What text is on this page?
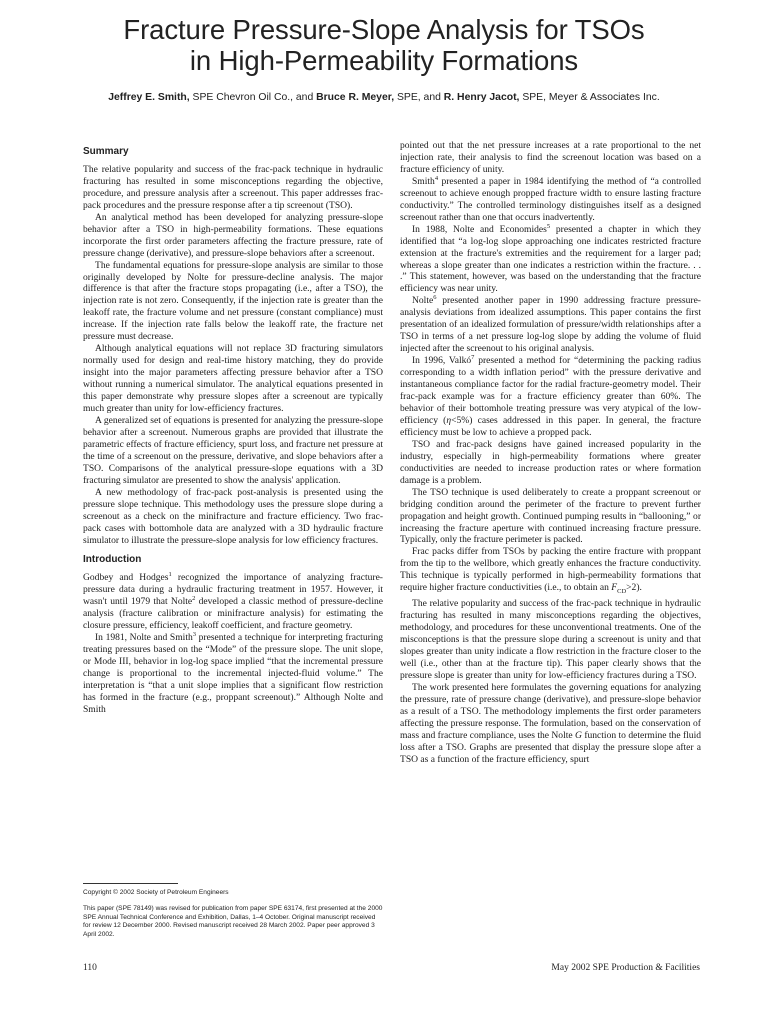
Fracture Pressure-Slope Analysis for TSOs
in High-Permeability Formations
Jeffrey E. Smith, SPE Chevron Oil Co., and Bruce R. Meyer, SPE, and R. Henry Jacot, SPE, Meyer & Associates Inc.
Summary

The relative popularity and success of the frac-pack technique in hydraulic fracturing has resulted in some misconceptions regarding the objective, procedure, and pressure analysis after a screenout. This paper addresses frac-pack procedures and the pressure response after a tip screenout (TSO).

An analytical method has been developed for analyzing pressure-slope behavior after a TSO in high-permeability formations. These equations incorporate the first order parameters affecting the fracture pressure, rate of pressure change (derivative), and pressure-slope behaviors after a screenout.

The fundamental equations for pressure-slope analysis are similar to those originally developed by Nolte for pressure-decline analysis. The major difference is that after the fracture stops propagating (i.e., after a TSO), the injection rate is not zero. Consequently, if the injection rate is greater than the leakoff rate, the fracture volume and net pressure (constant compliance) must increase. If the injection rate falls below the leakoff rate, the fracture net pressure must decrease.

Although analytical equations will not replace 3D fracturing simulators normally used for design and real-time history matching, they do provide insight into the major parameters affecting pressure behavior after a TSO without running a numerical simulator. The analytical equations presented in this paper demonstrate why pressure slopes after a screenout are typically much greater than unity for low-efficiency fractures.

A generalized set of equations is presented for analyzing the pressure-slope behavior after a screenout. Numerous graphs are provided that illustrate the parametric effects of fracture efficiency, spurt loss, and fracture net pressure at the time of a screenout on the pressure, derivative, and slope behaviors after a TSO. Comparisons of the analytical pressure-slope equations with a 3D fracturing simulator are presented to show the analysis' application.

A new methodology of frac-pack post-analysis is presented using the pressure slope technique. This methodology uses the pressure slope during a screenout as a check on the minifracture and fracture efficiency. Two frac-pack cases with bottomhole data are analyzed with a 3D hydraulic fracture simulator to illustrate the pressure-slope analysis for low efficiency fractures.

Introduction

Godbey and Hodges$^1$ recognized the importance of analyzing fracture-pressure data during a hydraulic fracturing treatment in 1957. However, it wasn't until 1979 that Nolte$^2$ developed a classic method of pressure-decline analysis (fracture calibration or minifracture analysis) for estimating the closure pressure, efficiency, leakoff coefficient, and fracture geometry.

In 1981, Nolte and Smith$^3$ presented a technique for interpreting fracturing treating pressures based on the “Mode” of the pressure slope. The unit slope, or Mode III, behavior in log-log space implied “that the incremental pressure change is proportional to the incremental injected-fluid volume.” The interpretation is “that a unit slope implies that a significant flow restriction has formed in the fracture (e.g., proppant screenout).” Although Nolte and Smith

pointed out that the net pressure increases at a rate proportional to the net injection rate, their analysis to find the screenout location was based on a fracture efficiency of unity.

Smith$^4$ presented a paper in 1984 identifying the method of “a controlled screenout to achieve enough propped fracture width to ensure lasting fracture conductivity.” The controlled terminology distinguishes itself as a designed screenout rather than one that occurs inadvertently.

In 1988, Nolte and Economides$^5$ presented a chapter in which they identified that “a log-log slope approaching one indicates restricted fracture extension at the fracture's extremities and the requirement for a larger pad; whereas a slope greater than one indicates a restriction within the fracture. . . .” This statement, however, was based on the understanding that the fracture efficiency was near unity.

Nolte$^6$ presented another paper in 1990 addressing fracture pressure-analysis deviations from idealized assumptions. This paper contains the first presentation of an idealized formulation of pressure/width relationships after a TSO in terms of a net pressure log-log slope by adding the volume of fluid injected after the screenout to his original analysis.

In 1996, Valkó$^7$ presented a method for “determining the packing radius corresponding to a width inflation period” with the pressure derivative and instantaneous compliance factor for the radial fracture-geometry model. Their frac-pack example was for a fracture efficiency greater than 60%. The behavior of their bottomhole treating pressure was very atypical of the low-efficiency (η<5%) cases addressed in this paper. In general, the fracture efficiency must be low to achieve a propped pack.

TSO and frac-pack designs have gained increased popularity in the industry, especially in high-permeability formations where greater conductivities are needed to increase production rates or where formation damage is a problem.

The TSO technique is used deliberately to create a proppant screenout or bridging condition around the perimeter of the fracture to prevent further propagation and height growth. Continued pumping results in “ballooning,” or increasing the fracture aperture with continued increasing fracture pressure. Typically, only the fracture perimeter is packed.

Frac packs differ from TSOs by packing the entire fracture with proppant from the tip to the wellbore, which greatly enhances the fracture conductivity. This technique is typically performed in high-permeability formations that require higher fracture conductivities (i.e., to obtain an $F_{CD}>2$).

The relative popularity and success of the frac-pack technique in hydraulic fracturing has resulted in many misconceptions regarding the objectives, methodology, and procedures for these unconventional treatments. One of the misconceptions is that the pressure slope during a screenout is unity and that slopes greater than unity indicate a flow restriction in the fracture closer to the well (i.e., other than at the fracture tip). This paper clearly shows that the pressure slope is greater than unity for low-efficiency fractures during a TSO.

The work presented here formulates the governing equations for analyzing the pressure, rate of pressure change (derivative), and pressure-slope behavior as a result of a TSO. The methodology implements the first order parameters affecting the pressure response. The formulation, based on the conservation of mass and fracture compliance, uses the Nolte G function to determine the fluid loss after a TSO. Graphs are presented that display the pressure slope after a TSO as a function of the fracture efficiency, spurt

Copyright © 2002 Society of Petroleum Engineers
This paper (SPE 78149) was revised for publication from paper SPE 63174, first presented at the 2000 SPE Annual Technical Conference and Exhibition, Dallas, 1–4 October. Original manuscript received for review 12 December 2000. Revised manuscript received 28 March 2002. Paper peer approved 3 April 2002.
110	May 2002 SPE Production & Facilities
